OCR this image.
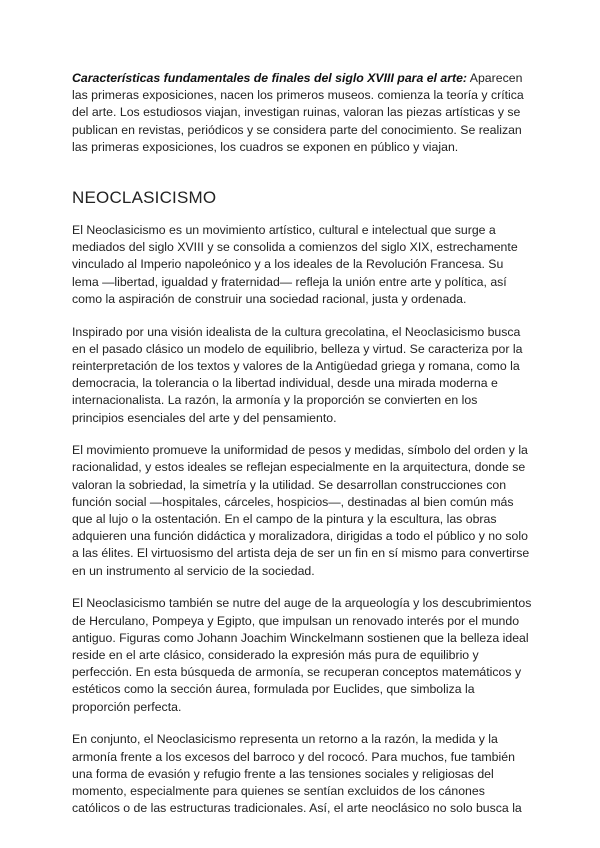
Características fundamentales de finales del siglo XVIII para el arte: Aparecen las primeras exposiciones, nacen los primeros museos. comienza la teoría y crítica del arte. Los estudiosos viajan, investigan ruinas, valoran las piezas artísticas y se publican en revistas, periódicos y se considera parte del conocimiento. Se realizan las primeras exposiciones, los cuadros se exponen en público y viajan.

NEOCLASICISMO

El Neoclasicismo es un movimiento artístico, cultural e intelectual que surge a mediados del siglo XVIII y se consolida a comienzos del siglo XIX, estrechamente vinculado al Imperio napoleónico y a los ideales de la Revolución Francesa. Su lema —libertad, igualdad y fraternidad— refleja la unión entre arte y política, así como la aspiración de construir una sociedad racional, justa y ordenada.

Inspirado por una visión idealista de la cultura grecolatina, el Neoclasicismo busca en el pasado clásico un modelo de equilibrio, belleza y virtud. Se caracteriza por la reinterpretación de los textos y valores de la Antigüedad griega y romana, como la democracia, la tolerancia o la libertad individual, desde una mirada moderna e internacionalista. La razón, la armonía y la proporción se convierten en los principios esenciales del arte y del pensamiento.

El movimiento promueve la uniformidad de pesos y medidas, símbolo del orden y la racionalidad, y estos ideales se reflejan especialmente en la arquitectura, donde se valoran la sobriedad, la simetría y la utilidad. Se desarrollan construcciones con función social —hospitales, cárceles, hospicios—, destinadas al bien común más que al lujo o la ostentación. En el campo de la pintura y la escultura, las obras adquieren una función didáctica y moralizadora, dirigidas a todo el público y no solo a las élites. El virtuosismo del artista deja de ser un fin en sí mismo para convertirse en un instrumento al servicio de la sociedad.

El Neoclasicismo también se nutre del auge de la arqueología y los descubrimientos de Herculano, Pompeya y Egipto, que impulsan un renovado interés por el mundo antiguo. Figuras como Johann Joachim Winckelmann sostienen que la belleza ideal reside en el arte clásico, considerado la expresión más pura de equilibrio y perfección. En esta búsqueda de armonía, se recuperan conceptos matemáticos y estéticos como la sección áurea, formulada por Euclides, que simboliza la proporción perfecta.

En conjunto, el Neoclasicismo representa un retorno a la razón, la medida y la armonía frente a los excesos del barroco y del rococó. Para muchos, fue también una forma de evasión y refugio frente a las tensiones sociales y religiosas del momento, especialmente para quienes se sentían excluidos de los cánones católicos o de las estructuras tradicionales. Así, el arte neoclásico no solo busca la
